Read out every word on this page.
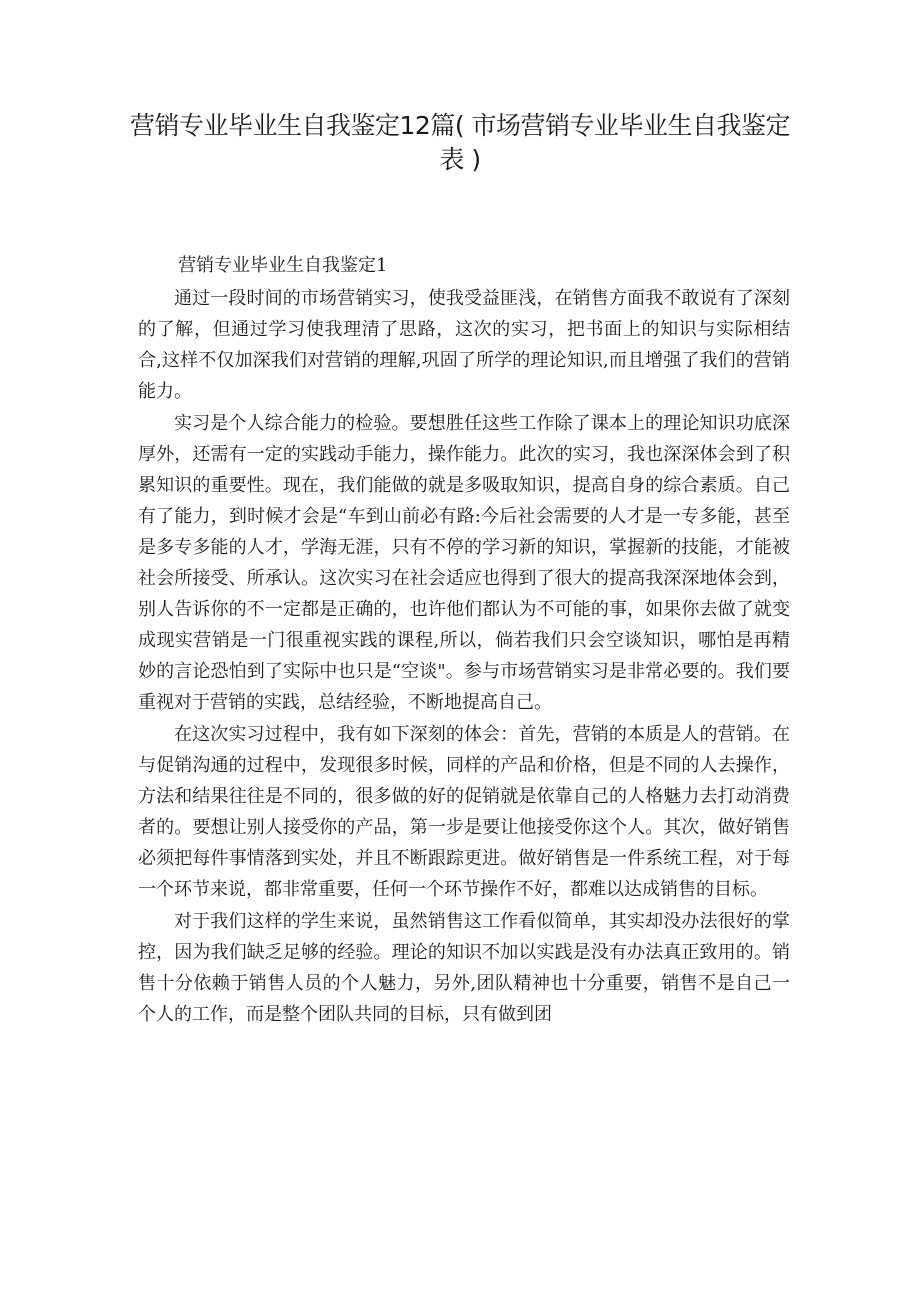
营销专业毕业生自我鉴定12篇( 市场营销专业毕业生自我鉴定表 )

营销专业毕业生自我鉴定1

通过一段时间的市场营销实习，使我受益匪浅，在销售方面我不敢说有了深刻的了解，但通过学习使我理清了思路，这次的实习，把书面上的知识与实际相结合,这样不仅加深我们对营销的理解,巩固了所学的理论知识,而且增强了我们的营销能力。

实习是个人综合能力的检验。要想胜任这些工作除了课本上的理论知识功底深厚外，还需有一定的实践动手能力，操作能力。此次的实习，我也深深体会到了积累知识的重要性。现在，我们能做的就是多吸取知识，提高自身的综合素质。自己有了能力，到时候才会是“车到山前必有路:今后社会需要的人才是一专多能，甚至是多专多能的人才，学海无涯，只有不停的学习新的知识，掌握新的技能，才能被社会所接受、所承认。这次实习在社会适应也得到了很大的提高我深深地体会到，别人告诉你的不一定都是正确的，也许他们都认为不可能的事，如果你去做了就变成现实营销是一门很重视实践的课程,所以，倘若我们只会空谈知识，哪怕是再精妙的言论恐怕到了实际中也只是“空谈"。参与市场营销实习是非常必要的。我们要重视对于营销的实践，总结经验，不断地提高自己。

在这次实习过程中，我有如下深刻的体会：首先，营销的本质是人的营销。在与促销沟通的过程中，发现很多时候，同样的产品和价格，但是不同的人去操作，方法和结果往往是不同的，很多做的好的促销就是依靠自己的人格魅力去打动消费者的。要想让别人接受你的产品，第一步是要让他接受你这个人。其次，做好销售必须把每件事情落到实处，并且不断跟踪更进。做好销售是一件系统工程，对于每一个环节来说，都非常重要，任何一个环节操作不好，都难以达成销售的目标。

对于我们这样的学生来说，虽然销售这工作看似简单，其实却没办法很好的掌控，因为我们缺乏足够的经验。理论的知识不加以实践是没有办法真正致用的。销售十分依赖于销售人员的个人魅力，另外,团队精神也十分重要，销售不是自己一个人的工作，而是整个团队共同的目标，只有做到团
